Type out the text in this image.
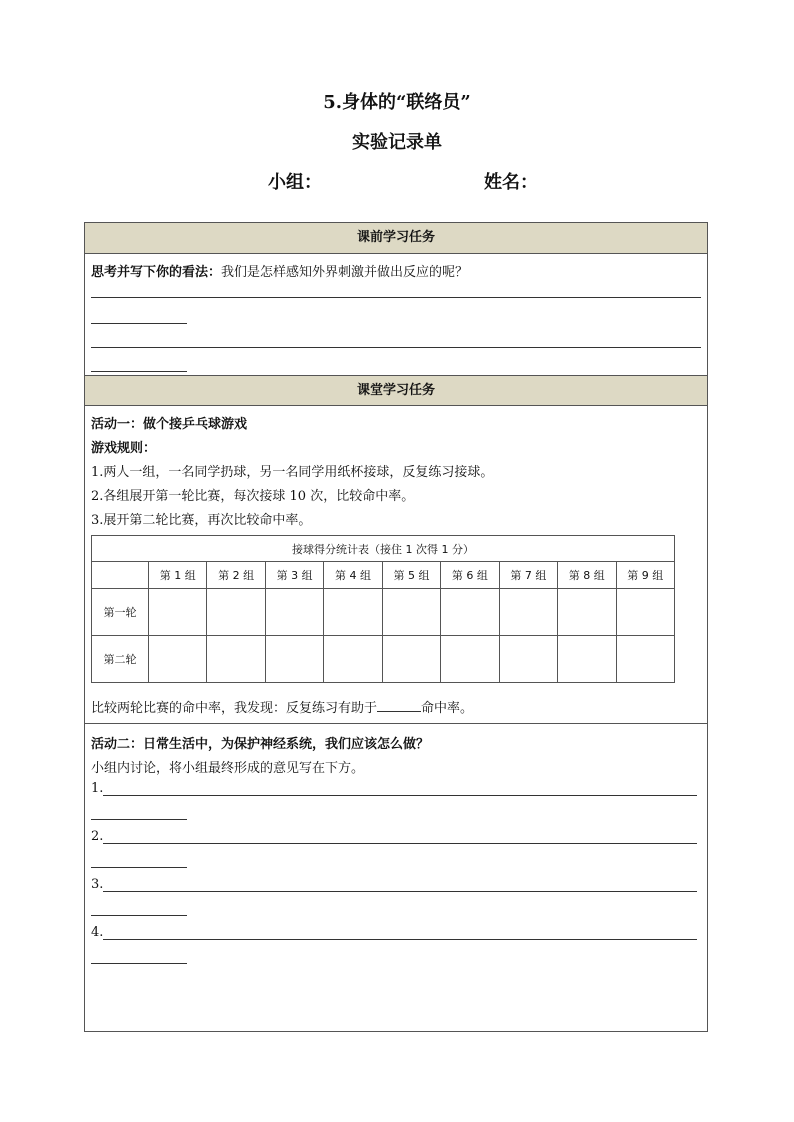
5.身体的“联络员”
实验记录单
小组：	姓名：
课前学习任务
思考并写下你的看法：我们是怎样感知外界刺激并做出反应的呢？
课堂学习任务
活动一：做个接乒乓球游戏
游戏规则：
1.两人一组，一名同学扔球，另一名同学用纸杯接球，反复练习接球。
2.各组展开第一轮比赛，每次接球 10 次，比较命中率。
3.展开第二轮比赛，再次比较命中率。
接球得分统计表（接住 1 次得 1 分）									
	第 1 组	第 2 组	第 3 组	第 4 组	第 5 组	第 6 组	第 7 组	第 8 组	第 9 组
第一轮									
第二轮									
比较两轮比赛的命中率，我发现：反复练习有助于	命中率。
活动二：日常生活中，为保护神经系统，我们应该怎么做？
小组内讨论，将小组最终形成的意见写在下方。
1.
2.
3.
4.
